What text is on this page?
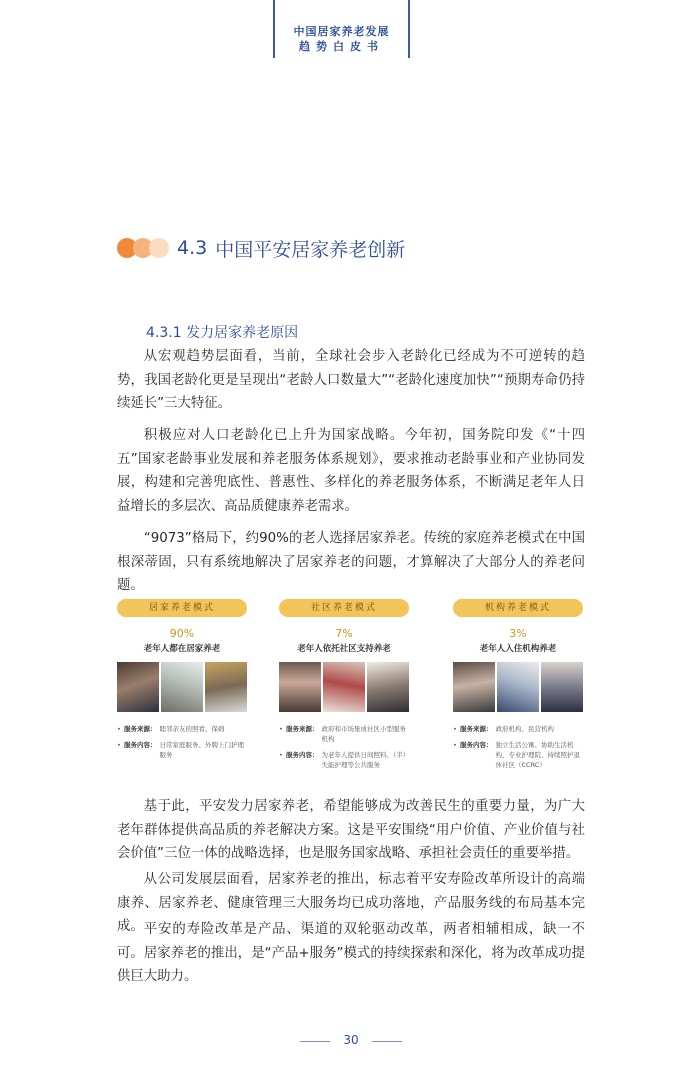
中国居家养老发展
趋势白皮书
4.3 中国平安居家养老创新
4.3.1 发力居家养老原因

从宏观趋势层面看，当前，全球社会步入老龄化已经成为不可逆转的趋势，我国老龄化更是呈现出“老龄人口数量大”“老龄化速度加快”“预期寿命仍持续延长”三大特征。

积极应对人口老龄化已上升为国家战略。今年初，国务院印发《“十四五”国家老龄事业发展和养老服务体系规划》，要求推动老龄事业和产业协同发展，构建和完善兜底性、普惠性、多样化的养老服务体系，不断满足老年人日益增长的多层次、高品质健康养老需求。

“9073”格局下，约90%的老人选择居家养老。传统的家庭养老模式在中国根深蒂固，只有系统地解决了居家养老的问题，才算解决了大部分人的养老问题。

居家养老模式
90%
老年人都在居家养老
• 服务来源： 睦邻亲友的照看、保姆
• 服务内容： 日常家庭服务、外聘上门护理服务
社区养老模式
7%
老年人依托社区支持养老
• 服务来源： 政府和市场集成社区小型服务机构
• 服务内容： 为老年人提供日间照料、（半）失能护理等公共服务
机构养老模式
3%
老年人入住机构养老
• 服务来源： 政府机构、民营机构
• 服务内容： 独立生活公寓、协助生活机构、专业护理院、持续照护退休社区（CCRC）

基于此，平安发力居家养老，希望能够成为改善民生的重要力量，为广大老年群体提供高品质的养老解决方案。这是平安围绕“用户价值、产业价值与社会价值”三位一体的战略选择，也是服务国家战略、承担社会责任的重要举措。

从公司发展层面看，居家养老的推出，标志着平安寿险改革所设计的高端康养、居家养老、健康管理三大服务均已成功落地，产品服务线的布局基本完成。 平安的寿险改革是产品、渠道的双轮驱动改革，两者相辅相成，缺一不可。居家养老的推出，是“产品+服务”模式的持续探索和深化，将为改革成功提供巨大助力。

30
